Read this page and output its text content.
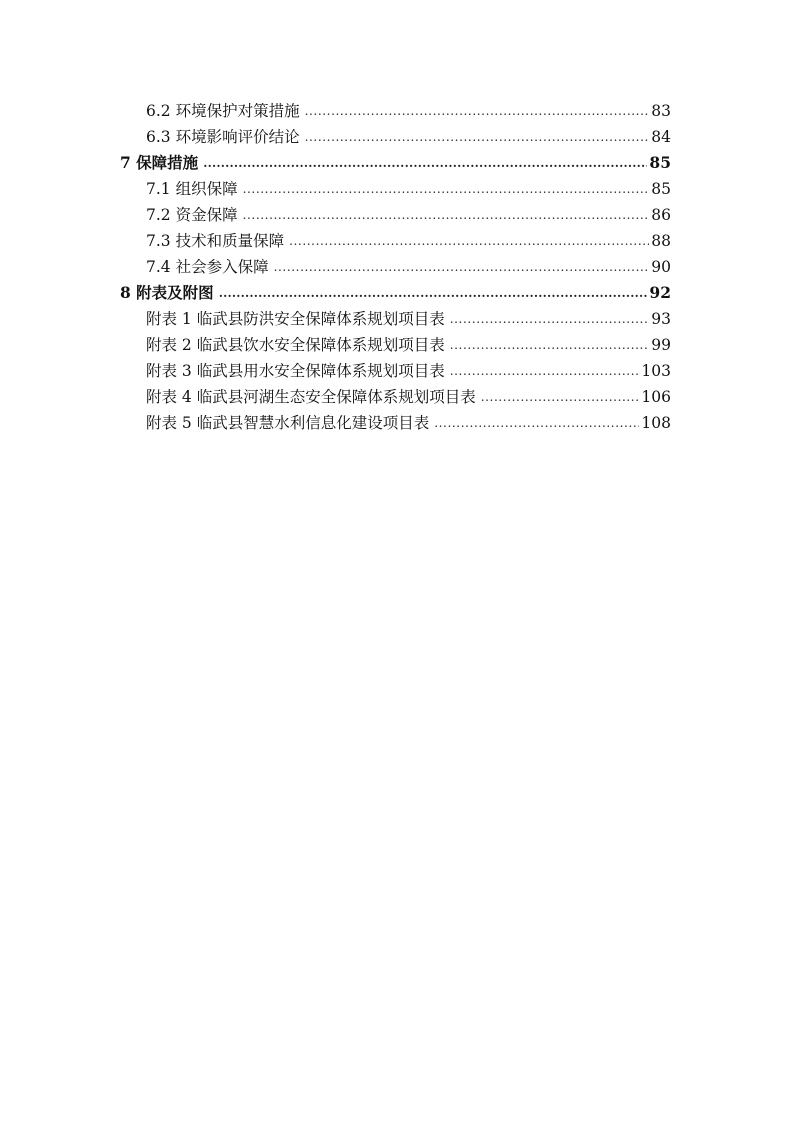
6.2 环境保护对策措施 .....	83
6.3 环境影响评价结论 .....	84
7 保障措施 .....	85
7.1 组织保障 .....	85
7.2 资金保障 .....	86
7.3 技术和质量保障 .....	88
7.4 社会参入保障 .....	90
8 附表及附图 .....	92
附表 1 临武县防洪安全保障体系规划项目表 .....	93
附表 2 临武县饮水安全保障体系规划项目表 .....	99
附表 3 临武县用水安全保障体系规划项目表 .....	103
附表 4 临武县河湖生态安全保障体系规划项目表 .....	106
附表 5 临武县智慧水利信息化建设项目表 .....	108
